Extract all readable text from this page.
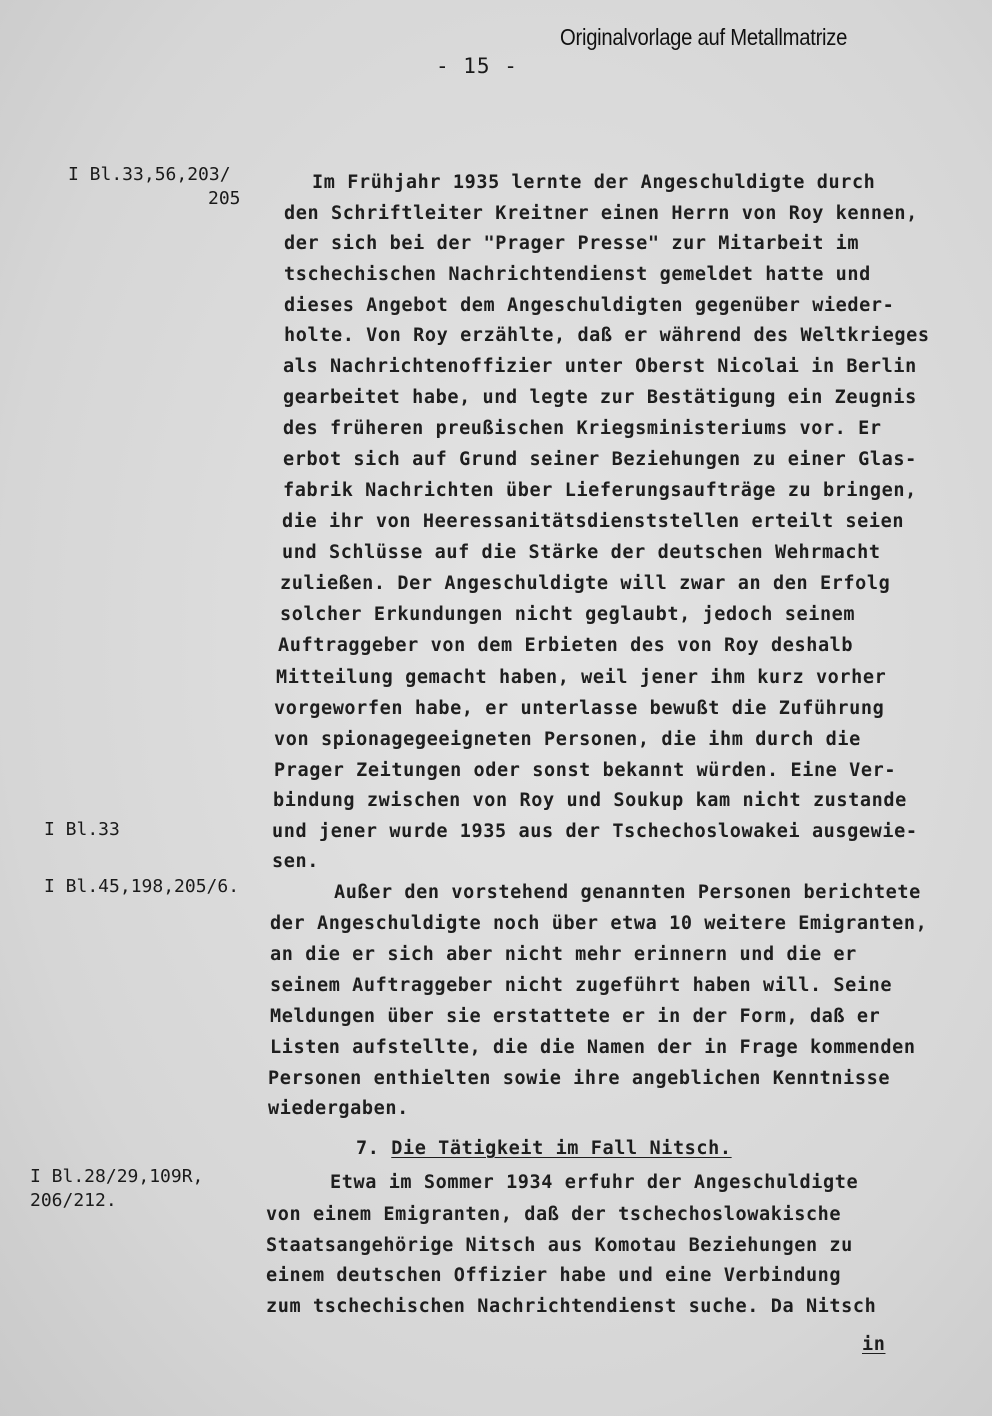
Originalvorlage auf Metallmatrize
- 15 -
I Bl.33,56,203/
205
I Bl.33
I Bl.45,198,205/6.
I Bl.28/29,109R,
206/212.
Im Frühjahr 1935 lernte der Angeschuldigte durch
den Schriftleiter Kreitner einen Herrn von Roy kennen,
der sich bei der "Prager Presse" zur Mitarbeit im
tschechischen Nachrichtendienst gemeldet hatte und
dieses Angebot dem Angeschuldigten gegenüber wieder-
holte. Von Roy erzählte, daß er während des Weltkrieges
als Nachrichtenoffizier unter Oberst Nicolai in Berlin
gearbeitet habe, und legte zur Bestätigung ein Zeugnis
des früheren preußischen Kriegsministeriums vor. Er
erbot sich auf Grund seiner Beziehungen zu einer Glas-
fabrik Nachrichten über Lieferungsaufträge zu bringen,
die ihr von Heeressanitätsdienststellen erteilt seien
und Schlüsse auf die Stärke der deutschen Wehrmacht
zuließen. Der Angeschuldigte will zwar an den Erfolg
solcher Erkundungen nicht geglaubt, jedoch seinem
Auftraggeber von dem Erbieten des von Roy deshalb
Mitteilung gemacht haben, weil jener ihm kurz vorher
vorgeworfen habe, er unterlasse bewußt die Zuführung
von spionagegeeigneten Personen, die ihm durch die
Prager Zeitungen oder sonst bekannt würden. Eine Ver-
bindung zwischen von Roy und Soukup kam nicht zustande
und jener wurde 1935 aus der Tschechoslowakei ausgewie-
sen.
Außer den vorstehend genannten Personen berichtete
der Angeschuldigte noch über etwa 10 weitere Emigranten,
an die er sich aber nicht mehr erinnern und die er
seinem Auftraggeber nicht zugeführt haben will. Seine
Meldungen über sie erstattete er in der Form, daß er
Listen aufstellte, die die Namen der in Frage kommenden
Personen enthielten sowie ihre angeblichen Kenntnisse
wiedergaben.
7. Die Tätigkeit im Fall Nitsch.
Etwa im Sommer 1934 erfuhr der Angeschuldigte
von einem Emigranten, daß der tschechoslowakische
Staatsangehörige Nitsch aus Komotau Beziehungen zu
einem deutschen Offizier habe und eine Verbindung
zum tschechischen Nachrichtendienst suche. Da Nitsch
in
